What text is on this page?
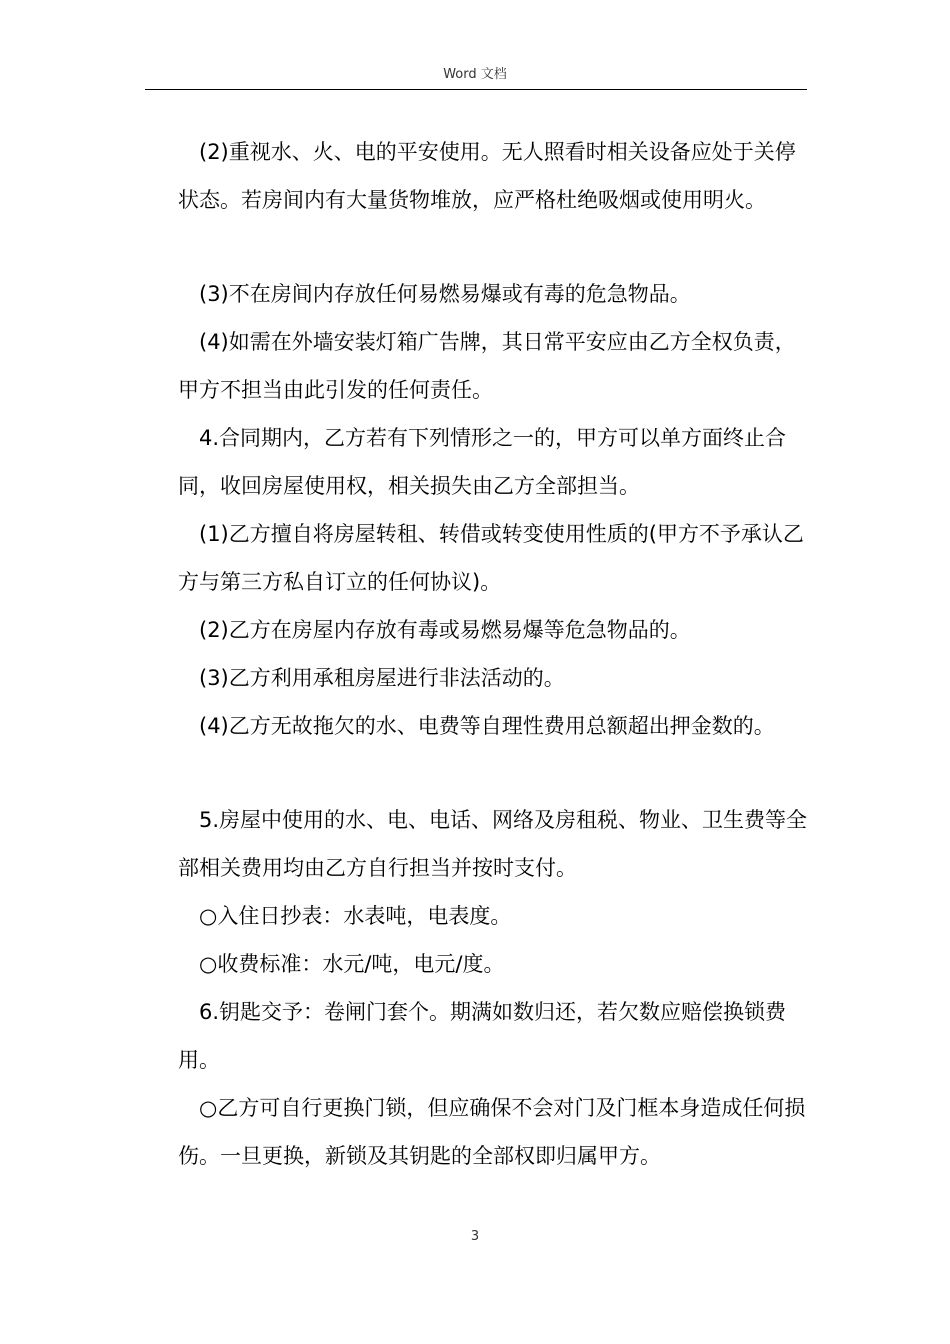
Word 文档

(2)重视水、火、电的平安使用。无人照看时相关设备应处于关停状态。若房间内有大量货物堆放，应严格杜绝吸烟或使用明火。

(3)不在房间内存放任何易燃易爆或有毒的危急物品。

(4)如需在外墙安装灯箱广告牌，其日常平安应由乙方全权负责，甲方不担当由此引发的任何责任。

4.合同期内，乙方若有下列情形之一的，甲方可以单方面终止合同，收回房屋使用权，相关损失由乙方全部担当。

(1)乙方擅自将房屋转租、转借或转变使用性质的(甲方不予承认乙方与第三方私自订立的任何协议)。

(2)乙方在房屋内存放有毒或易燃易爆等危急物品的。

(3)乙方利用承租房屋进行非法活动的。

(4)乙方无故拖欠的水、电费等自理性费用总额超出押金数的。

5.房屋中使用的水、电、电话、网络及房租税、物业、卫生费等全部相关费用均由乙方自行担当并按时支付。

○入住日抄表：水表吨，电表度。

○收费标准：水元/吨，电元/度。

6.钥匙交予：卷闸门套个。期满如数归还，若欠数应赔偿换锁费用。

○乙方可自行更换门锁，但应确保不会对门及门框本身造成任何损伤。一旦更换，新锁及其钥匙的全部权即归属甲方。

3
